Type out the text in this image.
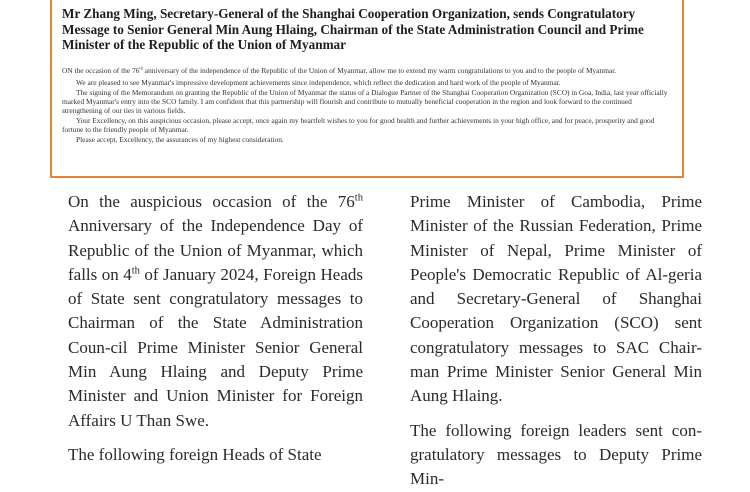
Mr Zhang Ming, Secretary-General of the Shanghai Cooperation Organization, sends Congratulatory Message to Senior General Min Aung Hlaing, Chairman of the State Administration Council and Prime Minister of the Republic of the Union of Myanmar

ON the occasion of the 76th anniversary of the independence of the Republic of the Union of Myanmar, allow me to extend my warm congratulations to you and to the people of Myanmar.

We are pleased to see Myanmar's impressive development achievements since independence, which reflect the dedication and hard work of the people of Myanmar.

The signing of the Memorandum on granting the Republic of the Union of Myanmar the status of a Dialogue Partner of the Shanghai Cooperation Organization (SCO) in Goa, India, last year officially marked Myanmar's entry into the SCO family. I am confident that this partnership will flourish and contribute to mutually beneficial cooperation in the region and look forward to the continued strengthening of our ties in various fields.

Your Excellency, on this auspicious occasion, please accept, once again my heartfelt wishes to you for good health and further achievements in your high office, and for peace, prosperity and good fortune to the friendly people of Myanmar.

Please accept, Excellency, the assurances of my highest consideration.

On the auspicious occasion of the 76th Anniversary of the Independence Day of Republic of the Union of Myanmar, which falls on 4th of January 2024, Foreign Heads of State sent congratulatory messages to Chairman of the State Administration Coun-cil Prime Minister Senior General Min Aung Hlaing and Deputy Prime Minister and Union Minister for Foreign Affairs U Than Swe.

The following foreign Heads of State

Prime Minister of Cambodia, Prime Minister of the Russian Federation, Prime Minister of Nepal, Prime Minister of People's Democratic Republic of Al-geria and Secretary-General of Shanghai Cooperation Organization (SCO) sent congratulatory messages to SAC Chair-man Prime Minister Senior General Min Aung Hlaing.

The following foreign leaders sent con-gratulatory messages to Deputy Prime Min-
